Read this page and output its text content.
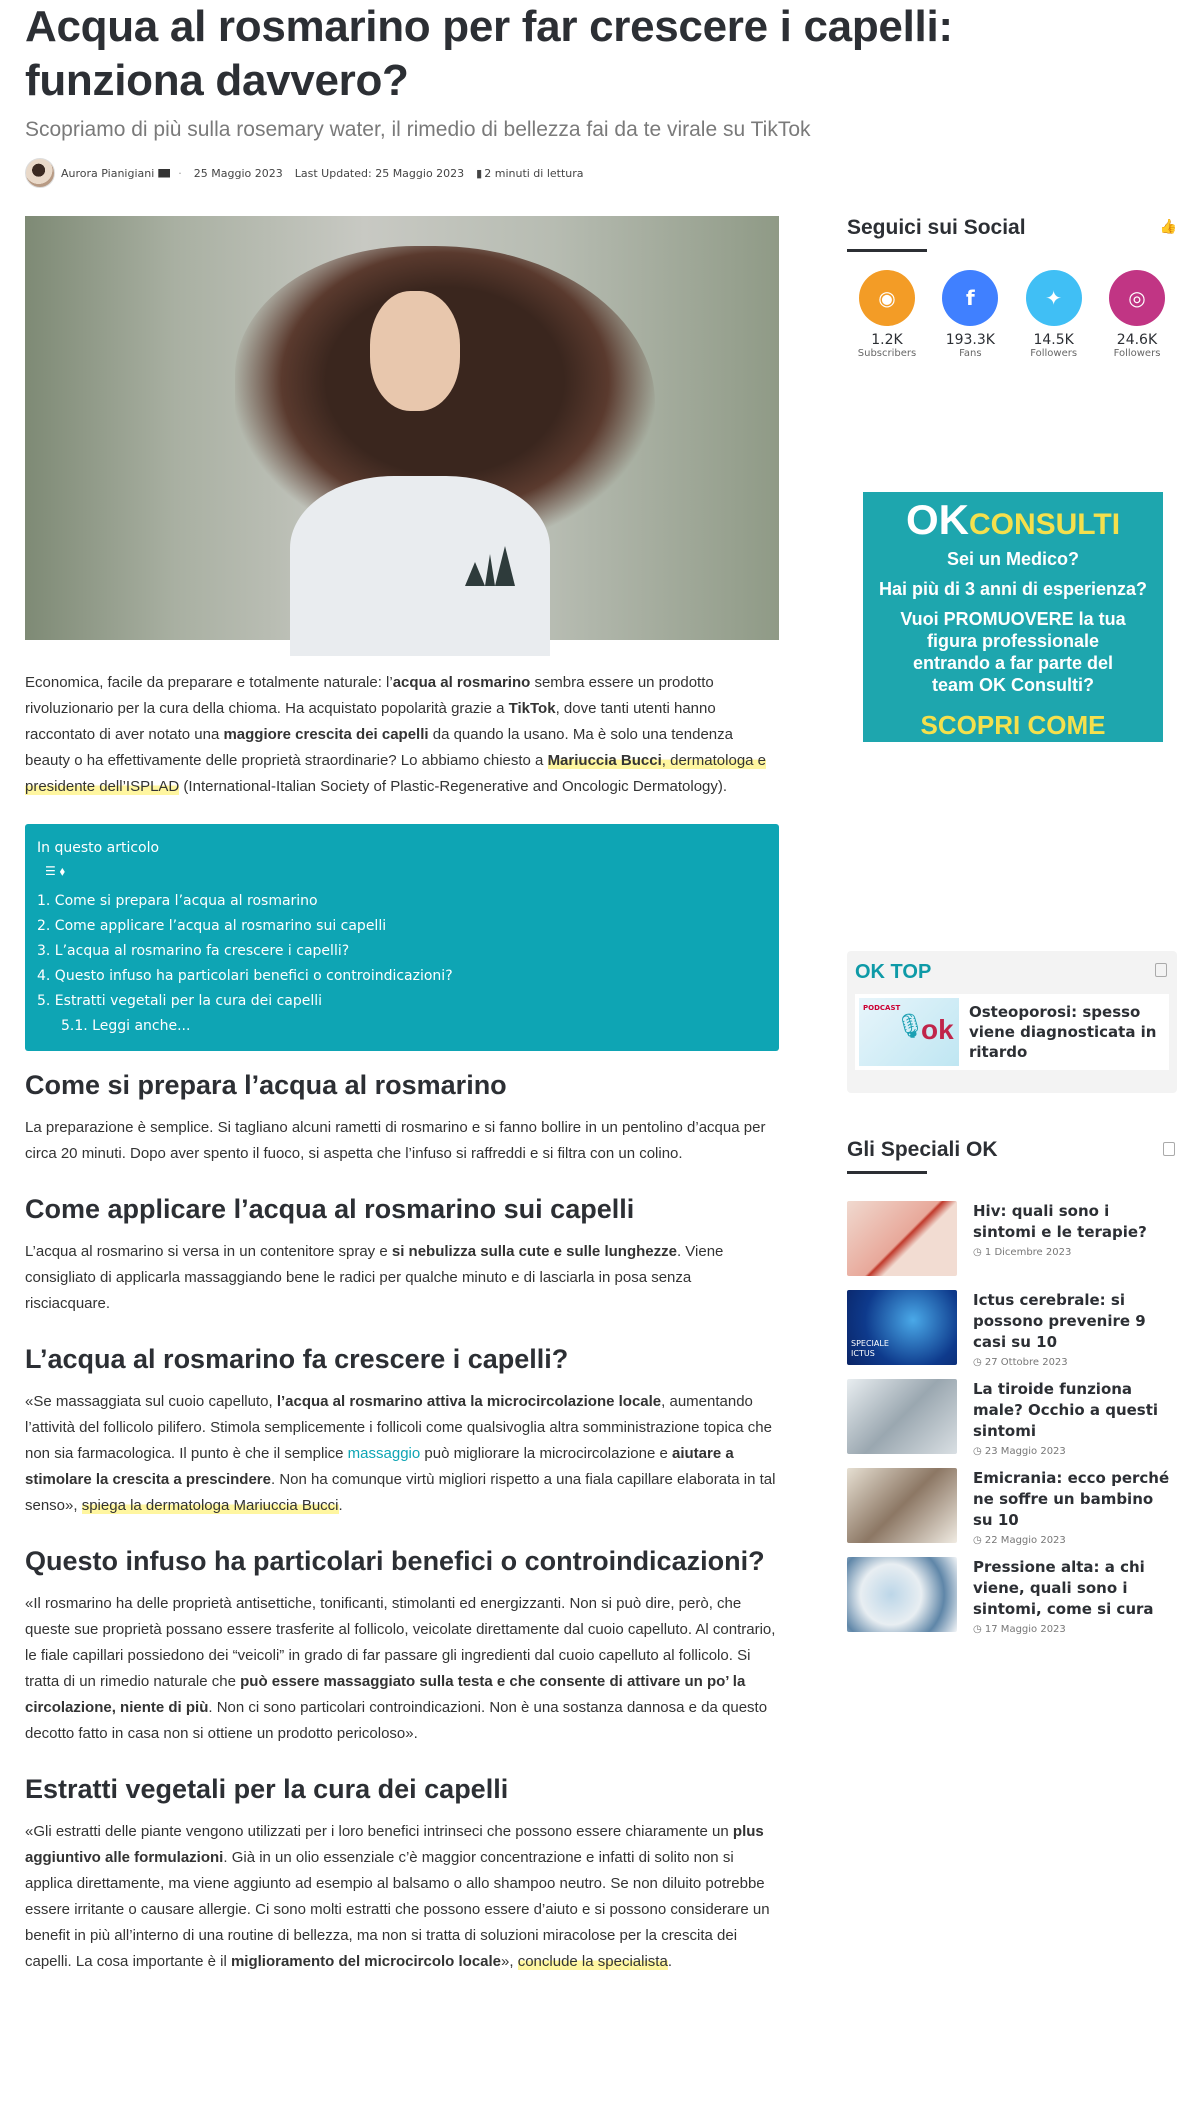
Acqua al rosmarino per far crescere i capelli: funziona davvero?
Scopriamo di più sulla rosemary water, il rimedio di bellezza fai da te virale su TikTok
Aurora Pianigiani · 25 Maggio 2023 Last Updated: 25 Maggio 2023 ▮ 2 minuti di lettura

Economica, facile da preparare e totalmente naturale: l’acqua al rosmarino sembra essere un prodotto rivoluzionario per la cura della chioma. Ha acquistato popolarità grazie a TikTok, dove tanti utenti hanno raccontato di aver notato una maggiore crescita dei capelli da quando la usano. Ma è solo una tendenza beauty o ha effettivamente delle proprietà straordinarie? Lo abbiamo chiesto a Mariuccia Bucci, dermatologa e presidente dell’ISPLAD (International-Italian Society of Plastic-Regenerative and Oncologic Dermatology).

In questo articolo
☰ ⬧
1. Come si prepara l’acqua al rosmarino
2. Come applicare l’acqua al rosmarino sui capelli
3. L’acqua al rosmarino fa crescere i capelli?
4. Questo infuso ha particolari benefici o controindicazioni?
5. Estratti vegetali per la cura dei capelli
5.1. Leggi anche...
Come si prepara l’acqua al rosmarino

La preparazione è semplice. Si tagliano alcuni rametti di rosmarino e si fanno bollire in un pentolino d’acqua per circa 20 minuti. Dopo aver spento il fuoco, si aspetta che l’infuso si raffreddi e si filtra con un colino.

Come applicare l’acqua al rosmarino sui capelli

L’acqua al rosmarino si versa in un contenitore spray e si nebulizza sulla cute e sulle lunghezze. Viene consigliato di applicarla massaggiando bene le radici per qualche minuto e di lasciarla in posa senza risciacquare.

L’acqua al rosmarino fa crescere i capelli?

«Se massaggiata sul cuoio capelluto, l’acqua al rosmarino attiva la microcircolazione locale, aumentando l’attività del follicolo pilifero. Stimola semplicemente i follicoli come qualsivoglia altra somministrazione topica che non sia farmacologica. Il punto è che il semplice massaggio può migliorare la microcircolazione e aiutare a stimolare la crescita a prescindere. Non ha comunque virtù migliori rispetto a una fiala capillare elaborata in tal senso», spiega la dermatologa Mariuccia Bucci.

Questo infuso ha particolari benefici o controindicazioni?

«Il rosmarino ha delle proprietà antisettiche, tonificanti, stimolanti ed energizzanti. Non si può dire, però, che queste sue proprietà possano essere trasferite al follicolo, veicolate direttamente dal cuoio capelluto. Al contrario, le fiale capillari possiedono dei “veicoli” in grado di far passare gli ingredienti dal cuoio capelluto al follicolo. Si tratta di un rimedio naturale che può essere massaggiato sulla testa e che consente di attivare un po’ la circolazione, niente di più. Non ci sono particolari controindicazioni. Non è una sostanza dannosa e da questo decotto fatto in casa non si ottiene un prodotto pericoloso».

Estratti vegetali per la cura dei capelli

«Gli estratti delle piante vengono utilizzati per i loro benefici intrinseci che possono essere chiaramente un plus aggiuntivo alle formulazioni. Già in un olio essenziale c’è maggior concentrazione e infatti di solito non si applica direttamente, ma viene aggiunto ad esempio al balsamo o allo shampoo neutro. Se non diluito potrebbe essere irritante o causare allergie. Ci sono molti estratti che possono essere d’aiuto e si possono considerare un benefit in più all’interno di una routine di bellezza, ma non si tratta di soluzioni miracolose per la crescita dei capelli. La cosa importante è il miglioramento del microcircolo locale», conclude la specialista.

Seguici sui Social	👍
◉
1.2K
Subscribers
f
193.3K
Fans
✦
14.5K
Followers
◎
24.6K
Followers
OKCONSULTI
Sei un Medico?
Hai più di 3 anni di esperienza?
Vuoi PROMUOVERE la tua figura professionale entrando a far parte del team OK Consulti?
SCOPRI COME
OK TOP
PODCAST
🎙
ok
Osteoporosi: spesso viene diagnosticata in ritardo
Gli Speciali OK
Hiv: quali sono i sintomi e le terapie?
◷ 1 Dicembre 2023
SPECIALE ICTUS
Ictus cerebrale: si possono prevenire 9 casi su 10
◷ 27 Ottobre 2023
La tiroide funziona male? Occhio a questi sintomi
◷ 23 Maggio 2023
Emicrania: ecco perché ne soffre un bambino su 10
◷ 22 Maggio 2023
Pressione alta: a chi viene, quali sono i sintomi, come si cura
◷ 17 Maggio 2023
